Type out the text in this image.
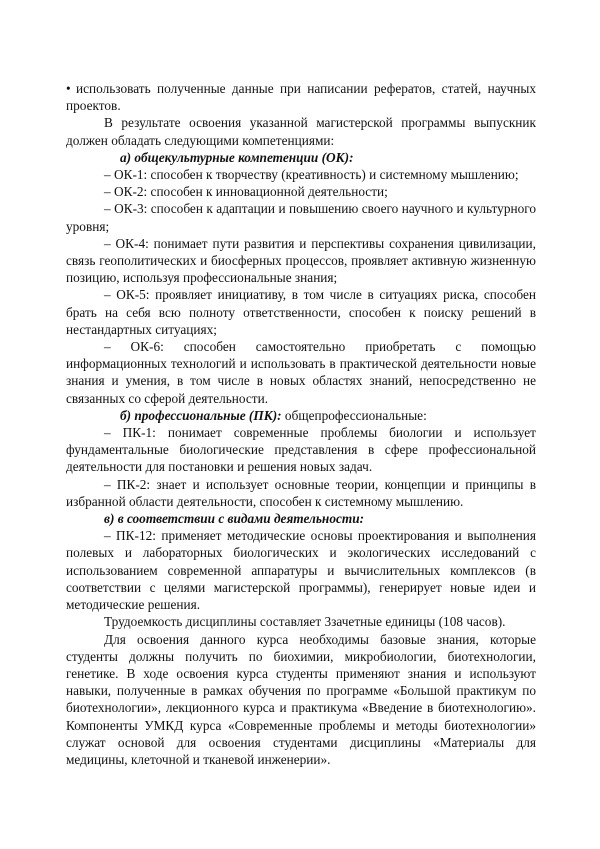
• использовать полученные данные при написании рефератов, статей, научных проектов.

В результате освоения указанной магистерской программы выпускник должен обладать следующими компетенциями:

а) общекультурные компетенции (ОК):

– ОК-1: способен к творчеству (креативность) и системному мышлению;

– ОК-2: способен к инновационной деятельности;

– ОК-3: способен к адаптации и повышению своего научного и культурного уровня;

– ОК-4: понимает пути развития и перспективы сохранения цивилизации, связь геополитических и биосферных процессов, проявляет активную жизненную позицию, используя профессиональные знания;

– ОК-5: проявляет инициативу, в том числе в ситуациях риска, способен брать на себя всю полноту ответственности, способен к поиску решений в нестандартных ситуациях;

– ОК-6: способен самостоятельно приобретать с помощью информационных технологий и использовать в практической деятельности новые знания и умения, в том числе в новых областях знаний, непосредственно не связанных со сферой деятельности.

б) профессиональные (ПК): общепрофессиональные:

– ПК-1: понимает современные проблемы биологии и использует фундаментальные биологические представления в сфере профессиональной деятельности для постановки и решения новых задач.

– ПК-2: знает и использует основные теории, концепции и принципы в избранной области деятельности, способен к системному мышлению.

в) в соответствии с видами деятельности:

– ПК-12: применяет методические основы проектирования и выполнения полевых и лабораторных биологических и экологических исследований с использованием современной аппаратуры и вычислительных комплексов (в соответствии с целями магистерской программы), генерирует новые идеи и методические решения.

Трудоемкость дисциплины составляет 3зачетные единицы (108 часов).

Для освоения данного курса необходимы базовые знания, которые студенты должны получить по биохимии, микробиологии, биотехнологии, генетике. В ходе освоения курса студенты применяют знания и используют навыки, полученные в рамках обучения по программе «Большой практикум по биотехнологии», лекционного курса и практикума «Введение в биотехнологию». Компоненты УМКД курса «Современные проблемы и методы биотехнологии» служат основой для освоения студентами дисциплины «Материалы для медицины, клеточной и тканевой инженерии».
